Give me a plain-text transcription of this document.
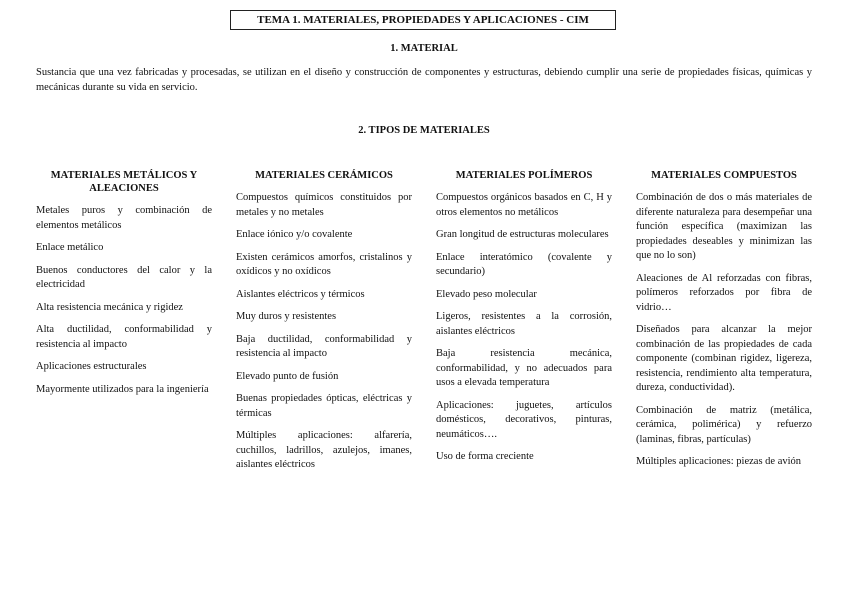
TEMA 1. MATERIALES, PROPIEDADES Y APLICACIONES - CIM
1. MATERIAL
Sustancia que una vez fabricadas y procesadas, se utilizan en el diseño y construcción de componentes y estructuras, debiendo cumplir una serie de propiedades físicas, químicas y mecánicas durante su vida en servicio.
2. TIPOS DE MATERIALES
MATERIALES METÁLICOS Y ALEACIONES

Metales puros y combinación de elementos metálicos

Enlace metálico

Buenos conductores del calor y la electricidad

Alta resistencia mecánica y rigidez

Alta ductilidad, conformabilidad y resistencia al impacto

Aplicaciones estructurales

Mayormente utilizados para la ingeniería

MATERIALES CERÁMICOS

Compuestos químicos constituidos por metales y no metales

Enlace iónico y/o covalente

Existen cerámicos amorfos, cristalinos y oxídicos y no oxídicos

Aislantes eléctricos y térmicos

Muy duros y resistentes

Baja ductilidad, conformabilidad y resistencia al impacto

Elevado punto de fusión

Buenas propiedades ópticas, eléctricas y térmicas

Múltiples aplicaciones: alfarería, cuchillos, ladrillos, azulejos, imanes, aislantes eléctricos

MATERIALES POLÍMEROS

Compuestos orgánicos basados en C, H y otros elementos no metálicos

Gran longitud de estructuras moleculares

Enlace interatómico (covalente y secundario)

Elevado peso molecular

Ligeros, resistentes a la corrosión, aislantes eléctricos

Baja resistencia mecánica, conformabilidad, y no adecuados para usos a elevada temperatura

Aplicaciones: juguetes, artículos domésticos, decorativos, pinturas, neumáticos….

Uso de forma creciente

MATERIALES COMPUESTOS

Combinación de dos o más materiales de diferente naturaleza para desempeñar una función específica (maximizan las propiedades deseables y minimizan las que no lo son)

Aleaciones de Al reforzadas con fibras, polímeros reforzados por fibra de vidrio…

Diseñados para alcanzar la mejor combinación de las propiedades de cada componente (combinan rigidez, ligereza, resistencia, rendimiento alta temperatura, dureza, conductividad).

Combinación de matriz (metálica, cerámica, polimérica) y refuerzo (laminas, fibras, partículas)

Múltiples aplicaciones: piezas de avión
